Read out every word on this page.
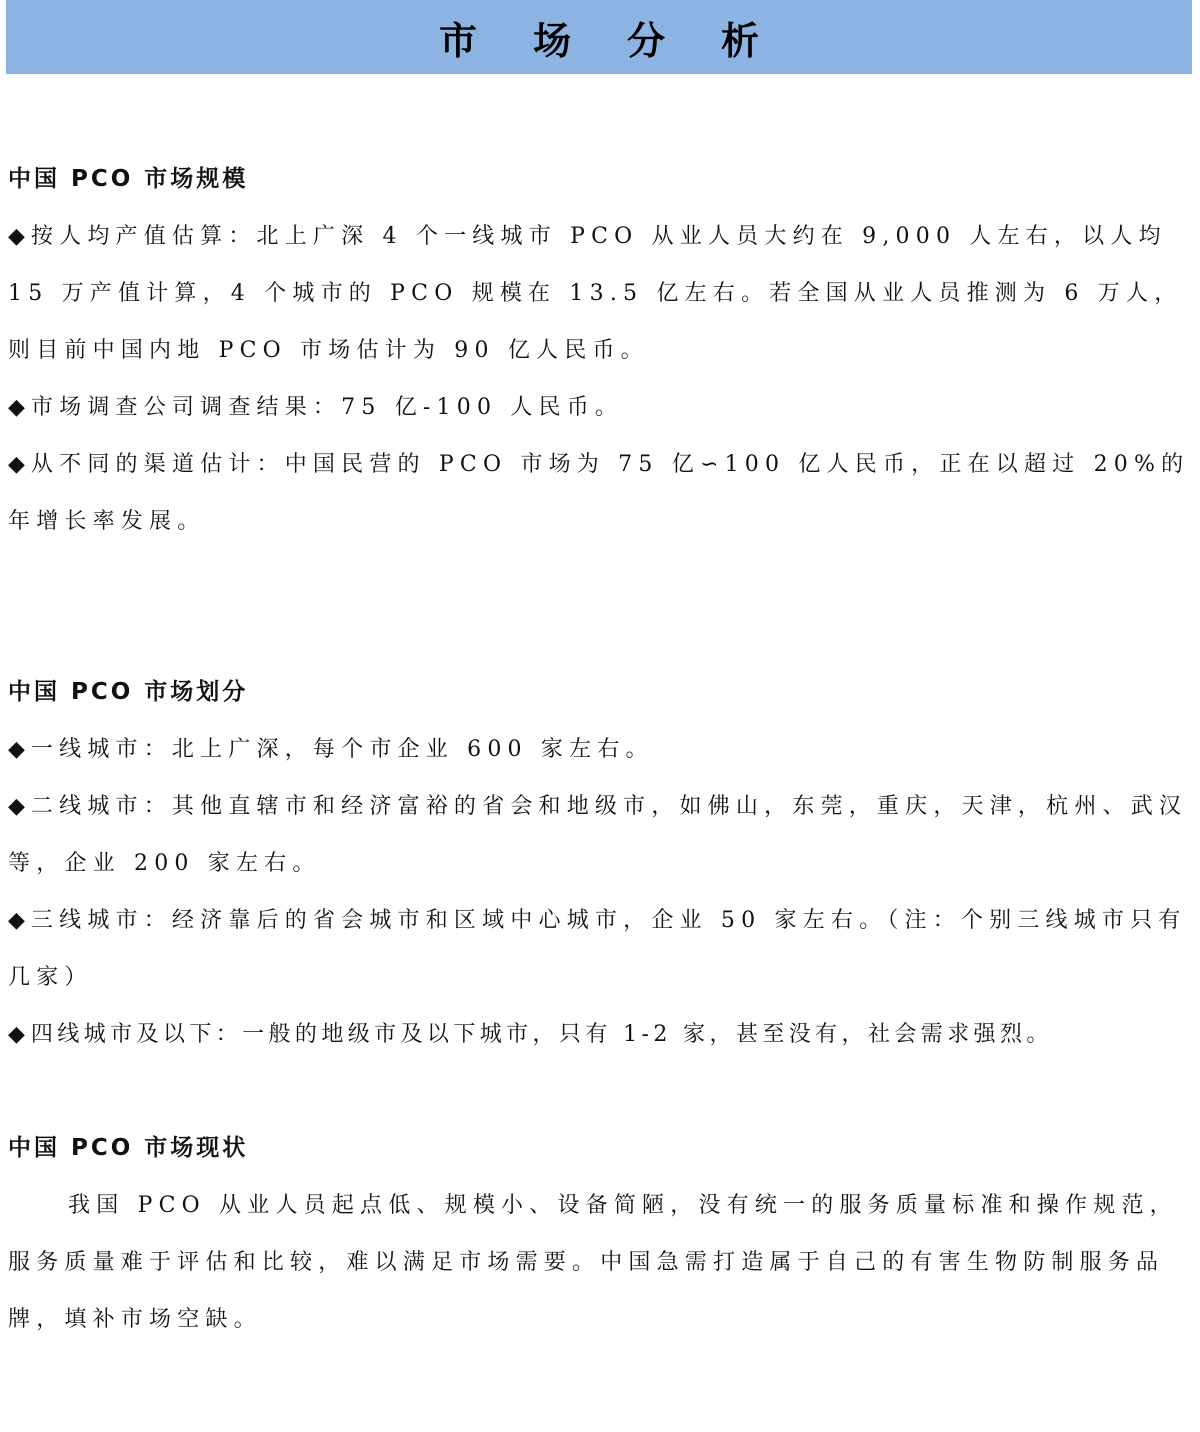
市场分析
中国 PCO 市场规模

◆ 按人均产值估算：北上广深 4 个一线城市 PCO 从业人员大约在 9,000 人左右，以人均 15 万产值计算，4 个城市的 PCO 规模在 13.5 亿左右。若全国从业人员推测为 6 万人，则目前中国内地 PCO 市场估计为 90 亿人民币。

◆ 市场调查公司调查结果：75 亿-100 人民币。

◆ 从不同的渠道估计：中国民营的 PCO 市场为 75 亿∽100 亿人民币，正在以超过 20%的年增长率发展。

中国 PCO 市场划分

◆ 一线城市：北上广深，每个市企业 600 家左右。

◆ 二线城市：其他直辖市和经济富裕的省会和地级市，如佛山，东莞，重庆，天津，杭州、武汉等，企业 200 家左右。

◆ 三线城市：经济靠后的省会城市和区域中心城市，企业 50 家左右。（注：个别三线城市只有几家）

◆ 四线城市及以下：一般的地级市及以下城市，只有 1-2 家，甚至没有，社会需求强烈。

中国 PCO 市场现状

我国 PCO 从业人员起点低、规模小、设备简陋，没有统一的服务质量标准和操作规范，服务质量难于评估和比较，难以满足市场需要。中国急需打造属于自己的有害生物防制服务品牌，填补市场空缺。
